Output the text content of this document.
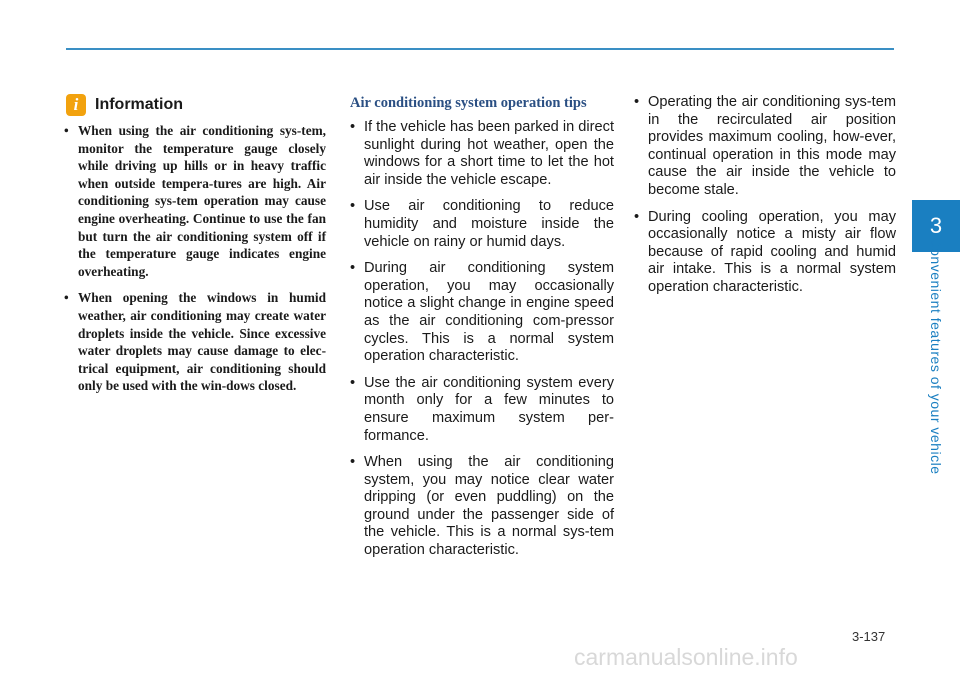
3
Convenient features of your vehicle
i	Information
• When using the air conditioning sys-tem, monitor the temperature gauge closely while driving up hills or in heavy traffic when outside tempera-tures are high. Air conditioning sys-tem operation may cause engine overheating. Continue to use the fan but turn the air conditioning system off if the temperature gauge indicates engine overheating.
• When opening the windows in humid weather, air conditioning may create water droplets inside the vehicle. Since excessive water droplets may cause damage to elec-trical equipment, air conditioning should only be used with the win-dows closed.
Air conditioning system operation tips
• If the vehicle has been parked in direct sunlight during hot weather, open the windows for a short time to let the hot air inside the vehicle escape.
• Use air conditioning to reduce humidity and moisture inside the vehicle on rainy or humid days.
• During air conditioning system operation, you may occasionally notice a slight change in engine speed as the air conditioning com-pressor cycles. This is a normal system operation characteristic.
• Use the air conditioning system every month only for a few minutes to ensure maximum system per-formance.
• When using the air conditioning system, you may notice clear water dripping (or even puddling) on the ground under the passenger side of the vehicle. This is a normal sys-tem operation characteristic.
• Operating the air conditioning sys-tem in the recirculated air position provides maximum cooling, how-ever, continual operation in this mode may cause the air inside the vehicle to become stale.
• During cooling operation, you may occasionally notice a misty air flow because of rapid cooling and humid air intake. This is a normal system operation characteristic.
3-137
carmanualsonline.info
